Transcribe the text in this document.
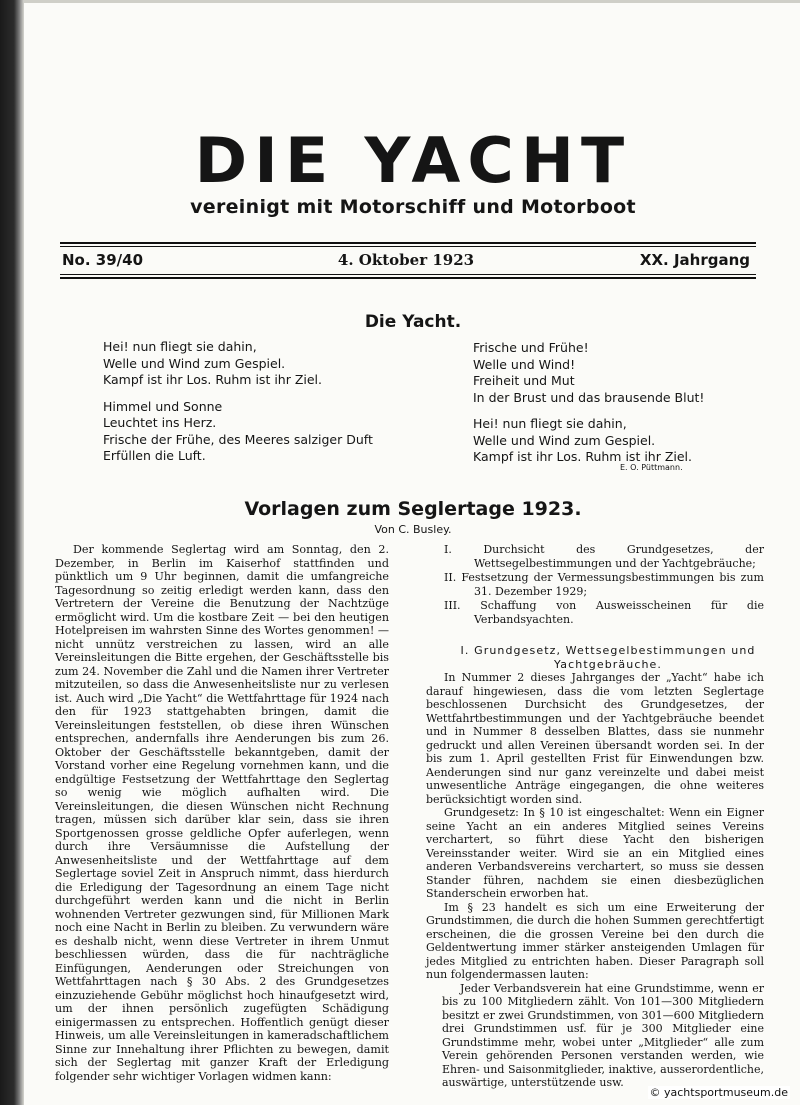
DIE YACHT
vereinigt mit Motorschiff und Motorboot
No. 39/40	4. Oktober 1923	XX. Jahrgang
Die Yacht.

Hei! nun fliegt sie dahin,

Welle und Wind zum Gespiel.

Kampf ist ihr Los. Ruhm ist ihr Ziel.

Himmel und Sonne

Leuchtet ins Herz.

Frische der Frühe, des Meeres salziger Duft

Erfüllen die Luft.

Frische und Frühe!

Welle und Wind!

Freiheit und Mut

In der Brust und das brausende Blut!

Hei! nun fliegt sie dahin,

Welle und Wind zum Gespiel.

Kampf ist ihr Los. Ruhm ist ihr Ziel.

E. O. Püttmann.
Vorlagen zum Seglertage 1923.
Von C. Busley.
Der kommende Seglertag wird am Sonntag, den 2. Dezember, in Berlin im Kaiserhof stattfinden und pünktlich um 9 Uhr beginnen, damit die umfangreiche Tagesordnung so zeitig erledigt werden kann, dass den Vertretern der Vereine die Benutzung der Nachtzüge ermöglicht wird. Um die kostbare Zeit — bei den heutigen Hotelpreisen im wahrsten Sinne des Wortes genommen! — nicht unnütz verstreichen zu lassen, wird an alle Vereinsleitungen die Bitte ergehen, der Geschäftsstelle bis zum 24. November die Zahl und die Namen ihrer Vertreter mitzuteilen, so dass die Anwesenheitsliste nur zu verlesen ist. Auch wird „Die Yacht“ die Wettfahrttage für 1924 nach den für 1923 stattgehabten bringen, damit die Vereinsleitungen feststellen, ob diese ihren Wünschen entsprechen, andernfalls ihre Aenderungen bis zum 26. Oktober der Geschäftsstelle bekanntgeben, damit der Vorstand vorher eine Regelung vornehmen kann, und die endgültige Festsetzung der Wettfahrttage den Seglertag so wenig wie möglich aufhalten wird. Die Vereinsleitungen, die diesen Wünschen nicht Rechnung tragen, müssen sich darüber klar sein, dass sie ihren Sportgenossen grosse geldliche Opfer auferlegen, wenn durch ihre Versäumnisse die Aufstellung der Anwesenheitsliste und der Wettfahrttage auf dem Seglertage soviel Zeit in Anspruch nimmt, dass hierdurch die Erledigung der Tagesordnung an einem Tage nicht durchgeführt werden kann und die nicht in Berlin wohnenden Vertreter gezwungen sind, für Millionen Mark noch eine Nacht in Berlin zu bleiben. Zu verwundern wäre es deshalb nicht, wenn diese Vertreter in ihrem Unmut beschliessen würden, dass die für nachträgliche Einfügungen, Aenderungen oder Streichungen von Wettfahrttagen nach § 30 Abs. 2 des Grundgesetzes einzuziehende Gebühr möglichst hoch hinaufgesetzt wird, um der ihnen persönlich zugefügten Schädigung einigermassen zu entsprechen. Hoffentlich genügt dieser Hinweis, um alle Vereinsleitungen in kameradschaftlichem Sinne zur Innehaltung ihrer Pflichten zu bewegen, damit sich der Seglertag mit ganzer Kraft der Erledigung folgender sehr wichtiger Vorlagen widmen kann:
I. Durchsicht des Grundgesetzes, der Wettsegelbestimmungen und der Yachtgebräuche;
II. Festsetzung der Vermessungsbestimmungen bis zum 31. Dezember 1929;
III. Schaffung von Ausweisscheinen für die Verbandsyachten.
I. Grundgesetz, Wettsegelbestimmungen und Yachtgebräuche.

In Nummer 2 dieses Jahrganges der „Yacht“ habe ich darauf hingewiesen, dass die vom letzten Seglertage beschlossenen Durchsicht des Grundgesetzes, der Wettfahrtbestimmungen und der Yachtgebräuche beendet und in Nummer 8 desselben Blattes, dass sie nunmehr gedruckt und allen Vereinen übersandt worden sei. In der bis zum 1. April gestellten Frist für Einwendungen bzw. Aenderungen sind nur ganz vereinzelte und dabei meist unwesentliche Anträge eingegangen, die ohne weiteres berücksichtigt worden sind.

Grundgesetz: In § 10 ist eingeschaltet: Wenn ein Eigner seine Yacht an ein anderes Mitglied seines Vereins verchartert, so führt diese Yacht den bisherigen Vereinsstander weiter. Wird sie an ein Mitglied eines anderen Verbandsvereins verchartert, so muss sie dessen Stander führen, nachdem sie einen diesbezüglichen Standerschein erworben hat.

Im § 23 handelt es sich um eine Erweiterung der Grundstimmen, die durch die hohen Summen gerechtfertigt erscheinen, die die grossen Vereine bei den durch die Geldentwertung immer stärker ansteigenden Umlagen für jedes Mitglied zu entrichten haben. Dieser Paragraph soll nun folgendermassen lauten:

Jeder Verbandsverein hat eine Grundstimme, wenn er bis zu 100 Mitgliedern zählt. Von 101—300 Mitgliedern besitzt er zwei Grundstimmen, von 301—600 Mitgliedern drei Grundstimmen usf. für je 300 Mitglieder eine Grundstimme mehr, wobei unter „Mitglieder“ alle zum Verein gehörenden Personen verstanden werden, wie Ehren- und Saisonmitglieder, inaktive, ausserordentliche, auswärtige, unterstützende usw.

© yachtsportmuseum.de
